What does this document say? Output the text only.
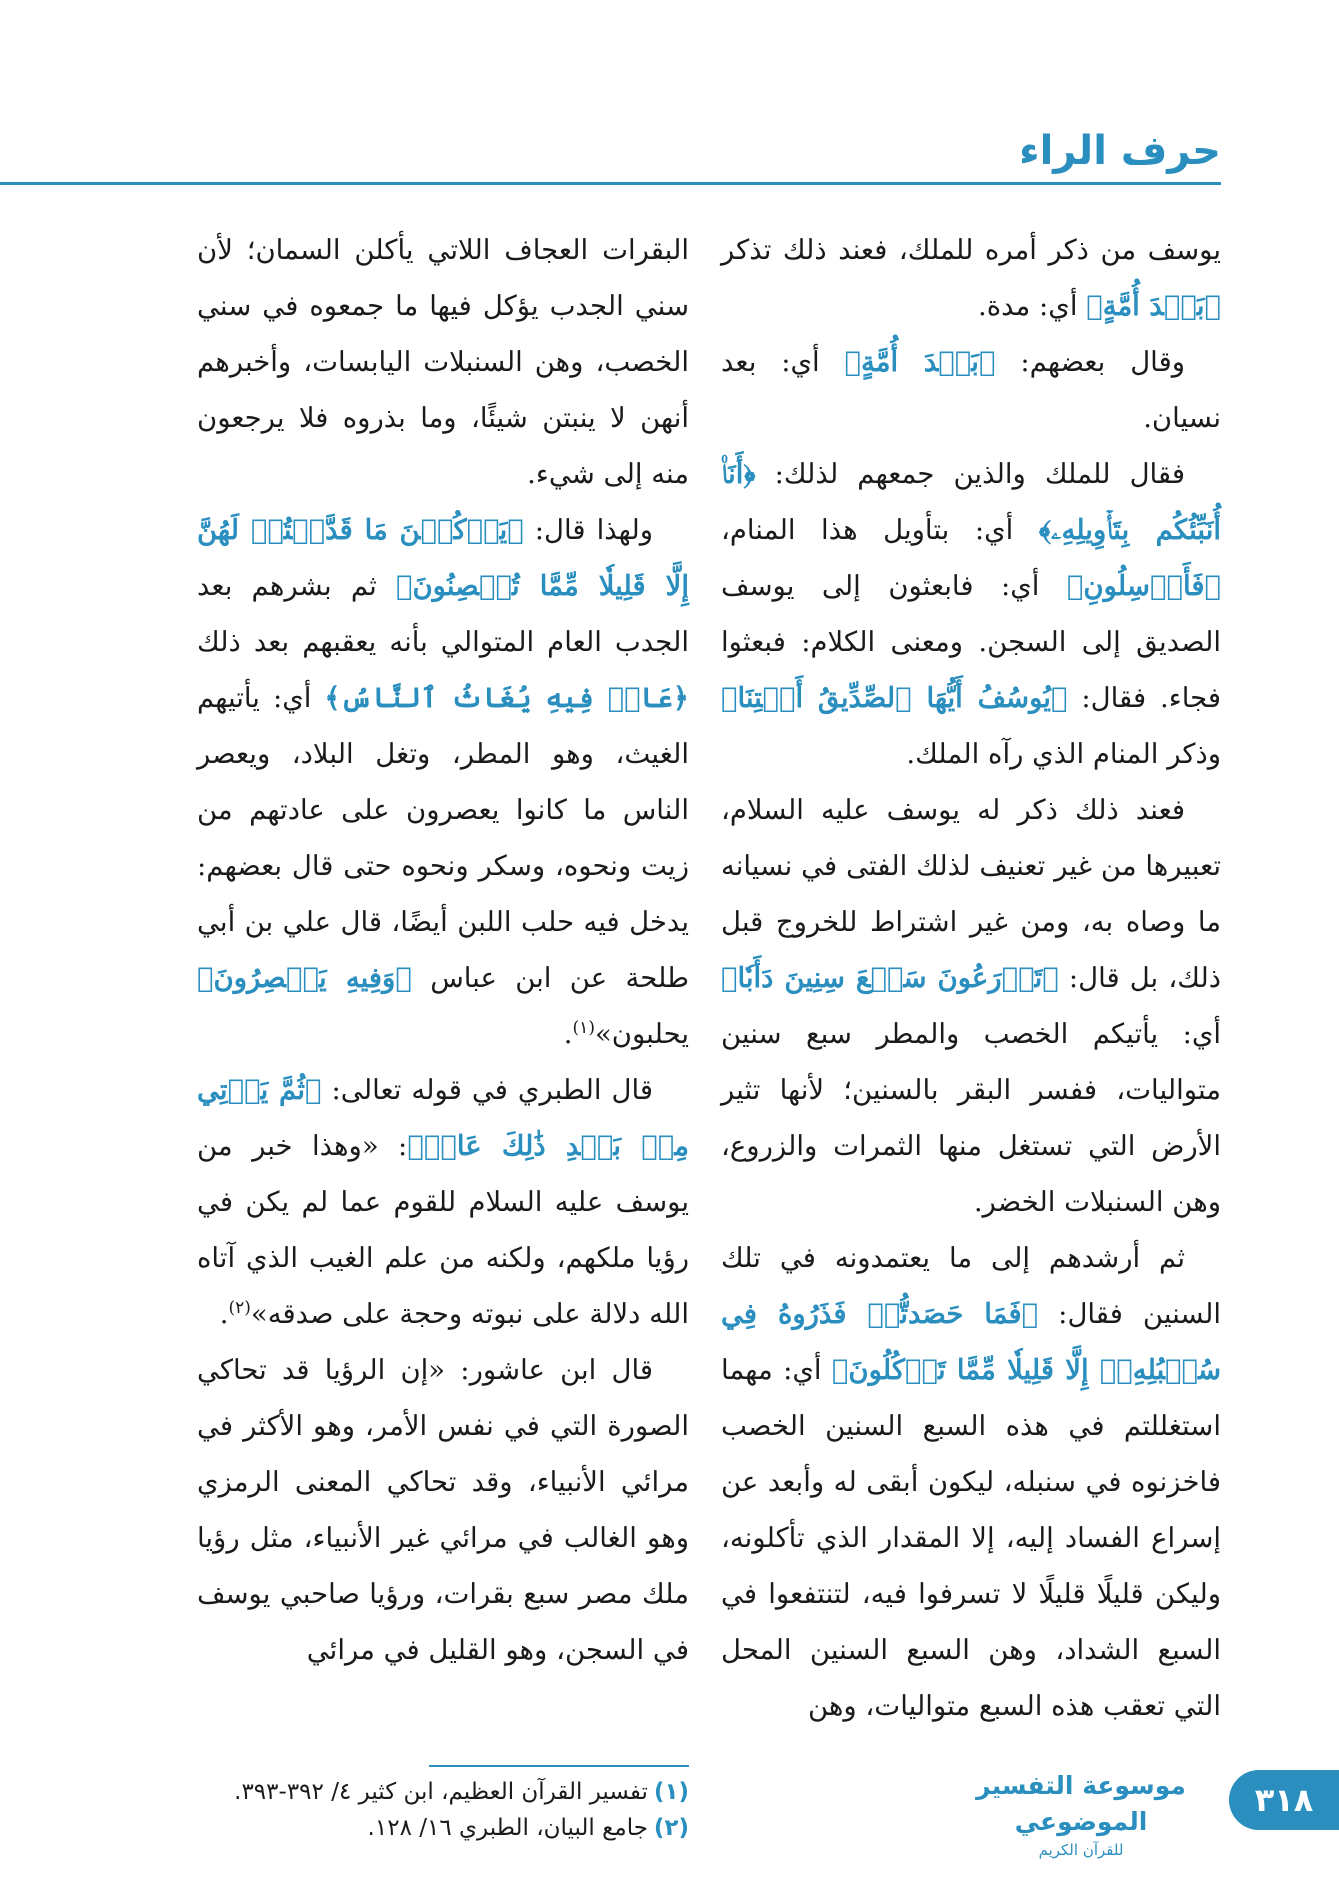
حرف الراء

يوسف من ذكر أمره للملك، فعند ذلك تذكر ﴿بَعۡدَ أُمَّةٍ﴾ أي: مدة.

وقال بعضهم: ﴿بَعۡدَ أُمَّةٍ﴾ أي: بعد نسيان.

فقال للملك والذين جمعهم لذلك: ﴿أَنَا۠ أُنَبِّئُكُم بِتَأۡوِيلِهِۦ﴾ أي: بتأويل هذا المنام، ﴿فَأَرۡسِلُونِ﴾ أي: فابعثون إلى يوسف الصديق إلى السجن. ومعنى الكلام: فبعثوا فجاء. فقال: ﴿يُوسُفُ أَيُّهَا ٱلصِّدِّيقُ أَفۡتِنَا﴾ وذكر المنام الذي رآه الملك.

فعند ذلك ذكر له يوسف عليه السلام، تعبيرها من غير تعنيف لذلك الفتى في نسيانه ما وصاه به، ومن غير اشتراط للخروج قبل ذلك، بل قال: ﴿تَزۡرَعُونَ سَبۡعَ سِنِينَ دَأَبٗا﴾ أي: يأتيكم الخصب والمطر سبع سنين متواليات، ففسر البقر بالسنين؛ لأنها تثير الأرض التي تستغل منها الثمرات والزروع، وهن السنبلات الخضر.

ثم أرشدهم إلى ما يعتمدونه في تلك السنين فقال: ﴿فَمَا حَصَدتُّمۡ فَذَرُوهُ فِي سُنۢبُلِهِۦٓ إِلَّا قَلِيلٗا مِّمَّا تَأۡكُلُونَ﴾ أي: مهما استغللتم في هذه السبع السنين الخصب فاخزنوه في سنبله، ليكون أبقى له وأبعد عن إسراع الفساد إليه، إلا المقدار الذي تأكلونه، وليكن قليلًا قليلًا لا تسرفوا فيه، لتنتفعوا في السبع الشداد، وهن السبع السنين المحل التي تعقب هذه السبع متواليات، وهن

البقرات العجاف اللاتي يأكلن السمان؛ لأن سني الجدب يؤكل فيها ما جمعوه في سني الخصب، وهن السنبلات اليابسات، وأخبرهم أنهن لا ينبتن شيئًا، وما بذروه فلا يرجعون منه إلى شيء.

ولهذا قال: ﴿يَأۡكُلۡنَ مَا قَدَّمۡتُمۡ لَهُنَّ إِلَّا قَلِيلٗا مِّمَّا تُحۡصِنُونَ﴾ ثم بشرهم بعد الجدب العام المتوالي بأنه يعقبهم بعد ذلك ﴿عَامٞ فِيهِ يُغَاثُ ٱلنَّاسُ﴾ أي: يأتيهم الغيث، وهو المطر، وتغل البلاد، ويعصر الناس ما كانوا يعصرون على عادتهم من زيت ونحوه، وسكر ونحوه حتى قال بعضهم: يدخل فيه حلب اللبن أيضًا، قال علي بن أبي طلحة عن ابن عباس ﴿وَفِيهِ يَعۡصِرُونَ﴾ يحلبون»$^{(١)}$.

قال الطبري في قوله تعالى: ﴿ثُمَّ يَأۡتِي مِنۢ بَعۡدِ ذَٰلِكَ عَامٞ﴾: «وهذا خبر من يوسف عليه السلام للقوم عما لم يكن في رؤيا ملكهم، ولكنه من علم الغيب الذي آتاه الله دلالة على نبوته وحجة على صدقه»$^{(٢)}$.

قال ابن عاشور: «إن الرؤيا قد تحاكي الصورة التي في نفس الأمر، وهو الأكثر في مرائي الأنبياء، وقد تحاكي المعنى الرمزي وهو الغالب في مرائي غير الأنبياء، مثل رؤيا ملك مصر سبع بقرات، ورؤيا صاحبي يوسف في السجن، وهو القليل في مرائي

(١)تفسير القرآن العظيم، ابن كثير ٤/ ٣٩٢-٣٩٣.

(٢)جامع البيان، الطبري ١٦/ ١٢٨.

٣١٨
موسوعة التفسير الموضوعي
للقرآن الكريم
